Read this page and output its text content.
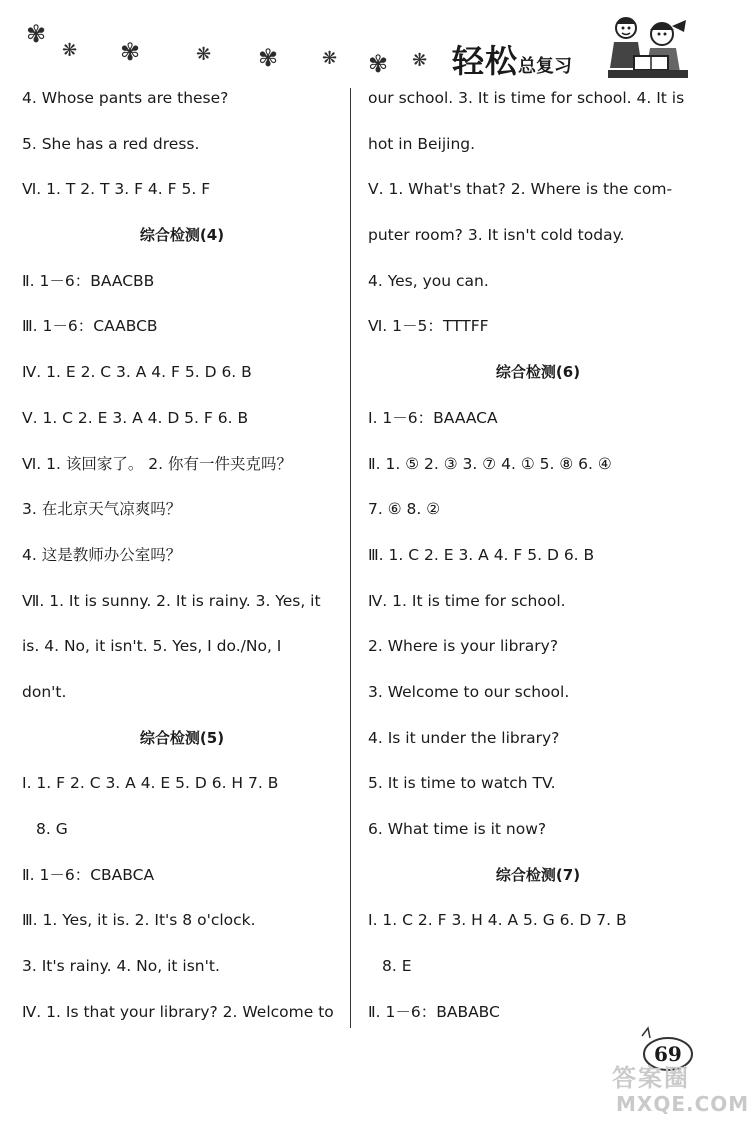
✾
❋ ✾	❋ ✾ ❋ ✾ ❋ 轻松总复习
4. Whose pants are these?
5. She has a red dress.
Ⅵ. 1. T 2. T 3. F 4. F 5. F
综合检测(4)
Ⅱ. 1－6：BAACBB
Ⅲ. 1－6：CAABCB
Ⅳ. 1. E 2. C 3. A 4. F 5. D 6. B
Ⅴ. 1. C 2. E 3. A 4. D 5. F 6. B
Ⅵ. 1. 该回家了。 2. 你有一件夹克吗？
3. 在北京天气凉爽吗？
4. 这是教师办公室吗？
Ⅶ. 1. It is sunny. 2. It is rainy. 3. Yes, it
is. 4. No, it isn't. 5. Yes, I do./No, I
don't.
综合检测(5)
Ⅰ. 1. F 2. C 3. A 4. E 5. D 6. H 7. B
8. G
Ⅱ. 1－6：CBABCA
Ⅲ. 1. Yes, it is. 2. It's 8 o'clock.
3. It's rainy. 4. No, it isn't.
Ⅳ. 1. Is that your library? 2. Welcome to
our school. 3. It is time for school. 4. It is
hot in Beijing.
Ⅴ. 1. What's that? 2. Where is the com-
puter room? 3. It isn't cold today.
4. Yes, you can.
Ⅵ. 1－5：TTTFF
综合检测(6)
Ⅰ. 1－6：BAAACA
Ⅱ. 1. ⑤ 2. ③ 3. ⑦ 4. ① 5. ⑧ 6. ④
7. ⑥ 8. ②
Ⅲ. 1. C 2. E 3. A 4. F 5. D 6. B
Ⅳ. 1. It is time for school.
2. Where is your library?
3. Welcome to our school.
4. Is it under the library?
5. It is time to watch TV.
6. What time is it now?
综合检测(7)
Ⅰ. 1. C 2. F 3. H 4. A 5. G 6. D 7. B
8. E
Ⅱ. 1－6：BABABC
69
答案圈
MXQE.COM
